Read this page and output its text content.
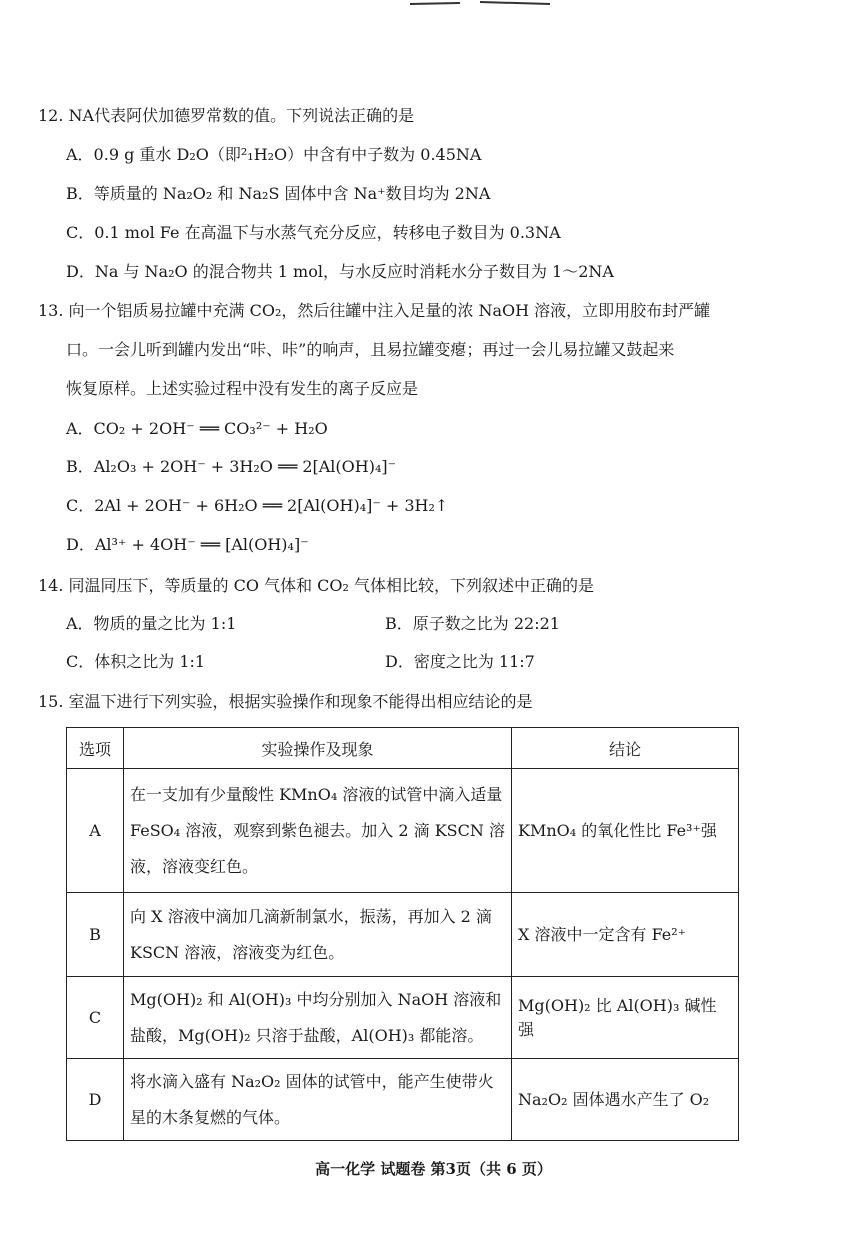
12. NA代表阿伏加德罗常数的值。下列说法正确的是
A．0.9 g 重水 D₂O（即²₁H₂O）中含有中子数为 0.45NA
B．等质量的 Na₂O₂ 和 Na₂S 固体中含 Na⁺数目均为 2NA
C．0.1 mol Fe 在高温下与水蒸气充分反应，转移电子数目为 0.3NA
D．Na 与 Na₂O 的混合物共 1 mol，与水反应时消耗水分子数目为 1～2NA
13. 向一个铝质易拉罐中充满 CO₂，然后往罐中注入足量的浓 NaOH 溶液，立即用胶布封严罐
口。一会儿听到罐内发出“咔、咔”的响声，且易拉罐变瘪；再过一会儿易拉罐又鼓起来
恢复原样。上述实验过程中没有发生的离子反应是
A．CO₂ + 2OH⁻ ══ CO₃²⁻ + H₂O
B．Al₂O₃ + 2OH⁻ + 3H₂O ══ 2[Al(OH)₄]⁻
C．2Al + 2OH⁻ + 6H₂O ══ 2[Al(OH)₄]⁻ + 3H₂↑
D．Al³⁺ + 4OH⁻ ══ [Al(OH)₄]⁻
14. 同温同压下，等质量的 CO 气体和 CO₂ 气体相比较，下列叙述中正确的是
A．物质的量之比为 1:1	B．原子数之比为 22:21
C．体积之比为 1:1	D．密度之比为 11:7
15. 室温下进行下列实验，根据实验操作和现象不能得出相应结论的是
选项	实验操作及现象	结论
A	在一支加有少量酸性 KMnO₄ 溶液的试管中滴入适量 FeSO₄ 溶液，观察到紫色褪去。加入 2 滴 KSCN 溶液，溶液变红色。	KMnO₄ 的氧化性比 Fe³⁺强
B	向 X 溶液中滴加几滴新制氯水，振荡，再加入 2 滴 KSCN 溶液，溶液变为红色。	X 溶液中一定含有 Fe²⁺
C	Mg(OH)₂ 和 Al(OH)₃ 中均分别加入 NaOH 溶液和盐酸，Mg(OH)₂ 只溶于盐酸，Al(OH)₃ 都能溶。	Mg(OH)₂ 比 Al(OH)₃ 碱性强
D	将水滴入盛有 Na₂O₂ 固体的试管中，能产生使带火星的木条复燃的气体。	Na₂O₂ 固体遇水产生了 O₂
高一化学 试题卷 第3页（共 6 页）
